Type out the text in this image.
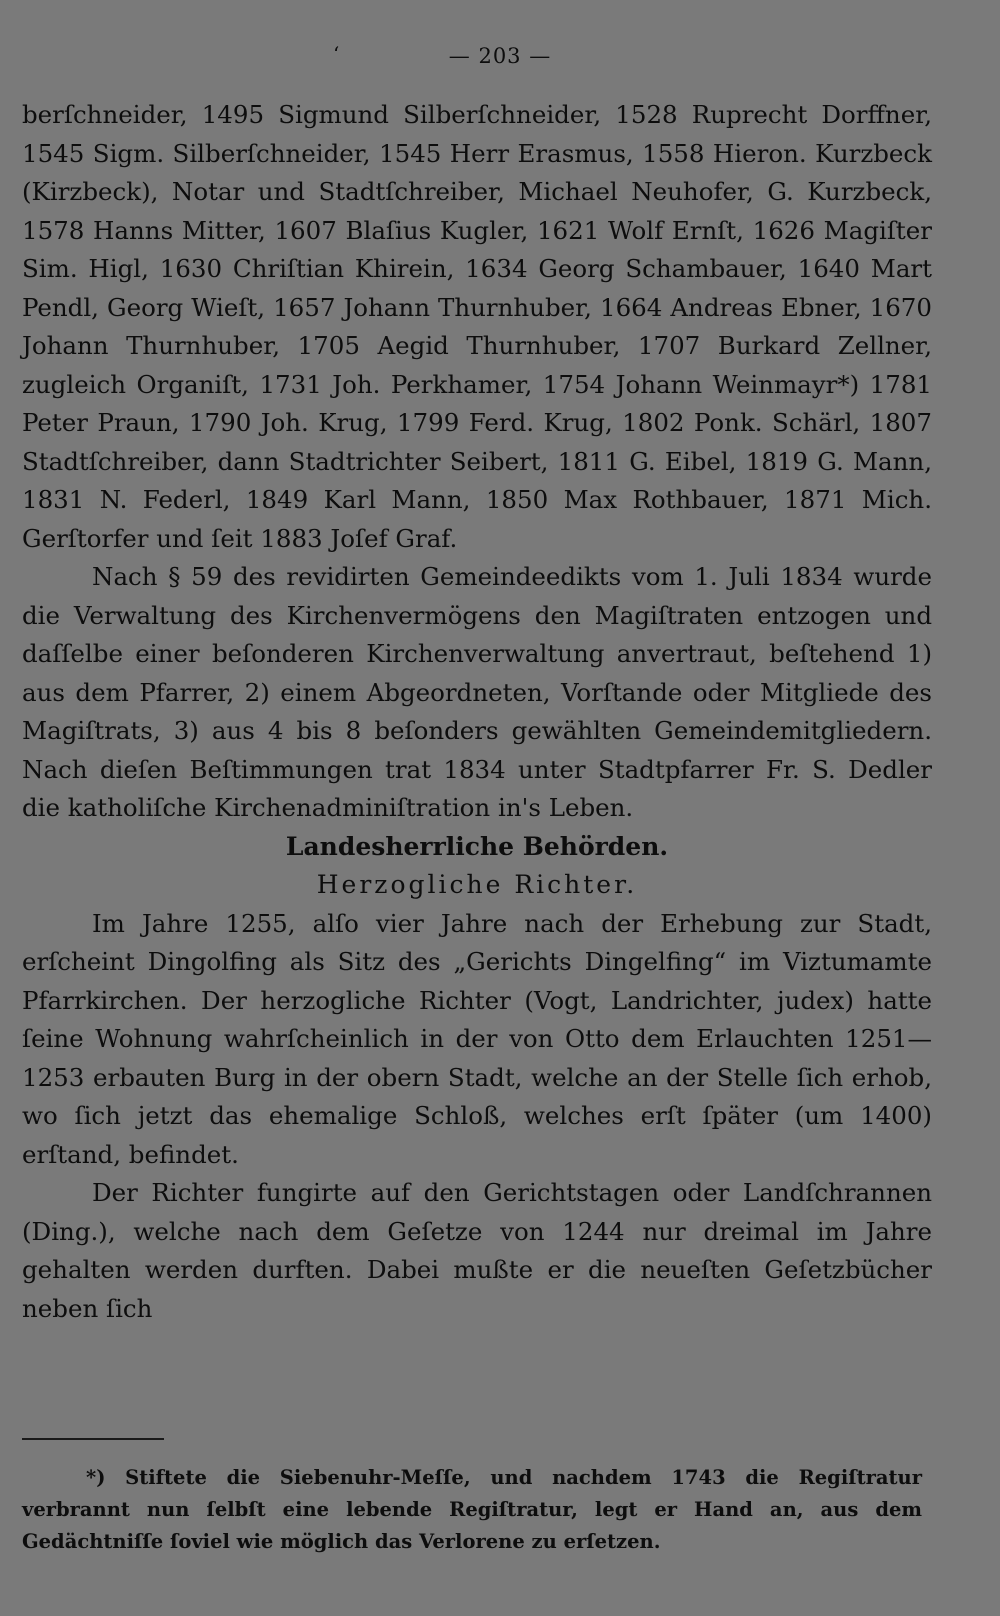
‘	— 203 —

berſchneider, 1495 Sigmund Silberſchneider, 1528 Ruprecht Dorffner, 1545 Sigm. Silberſchneider, 1545 Herr Erasmus, 1558 Hieron. Kurzbeck (Kirzbeck), Notar und Stadtſchreiber, Michael Neuhofer, G. Kurzbeck, 1578 Hanns Mitter, 1607 Blaſius Kugler, 1621 Wolf Ernſt, 1626 Magiſter Sim. Higl, 1630 Chriſtian Khirein, 1634 Georg Schambauer, 1640 Mart Pendl, Georg Wieſt, 1657 Johann Thurnhuber, 1664 Andreas Ebner, 1670 Johann Thurnhuber, 1705 Aegid Thurnhuber, 1707 Burkard Zellner, zugleich Organiſt, 1731 Joh. Perkhamer, 1754 Johann Weinmayr*) 1781 Peter Praun, 1790 Joh. Krug, 1799 Ferd. Krug, 1802 Ponk. Schärl, 1807 Stadtſchreiber, dann Stadtrichter Seibert, 1811 G. Eibel, 1819 G. Mann, 1831 N. Federl, 1849 Karl Mann, 1850 Max Rothbauer, 1871 Mich. Gerſtorfer und ſeit 1883 Joſef Graf.

Nach § 59 des revidirten Gemeindeedikts vom 1. Juli 1834 wurde die Verwaltung des Kirchenvermögens den Magiſtraten entzogen und daſſelbe einer beſonderen Kirchenverwaltung anvertraut, beſtehend 1) aus dem Pfarrer, 2) einem Abgeordneten, Vorſtande oder Mitgliede des Magiſtrats, 3) aus 4 bis 8 beſonders gewählten Gemeindemitgliedern. Nach dieſen Beſtimmungen trat 1834 unter Stadtpfarrer Fr. S. Dedler die katholiſche Kirchenadminiſtration in's Leben.

Landesherrliche Behörden.

Herzogliche Richter.

Im Jahre 1255, alſo vier Jahre nach der Erhebung zur Stadt, erſcheint Dingolfing als Sitz des „Gerichts Dingelfing“ im Viztumamte Pfarrkirchen. Der herzogliche Richter (Vogt, Landrichter, judex) hatte ſeine Wohnung wahrſcheinlich in der von Otto dem Erlauchten 1251—1253 erbauten Burg in der obern Stadt, welche an der Stelle ſich erhob, wo ſich jetzt das ehemalige Schloß, welches erſt ſpäter (um 1400) erſtand, befindet.

Der Richter fungirte auf den Gerichtstagen oder Landſchrannen (Ding.), welche nach dem Geſetze von 1244 nur dreimal im Jahre gehalten werden durften. Dabei mußte er die neueſten Geſetzbücher neben ſich

*) Stiftete die Siebenuhr-Meſſe, und nachdem 1743 die Regiſtratur verbrannt nun ſelbſt eine lebende Regiſtratur, legt er Hand an, aus dem Gedächtniſſe ſoviel wie möglich das Verlorene zu erſetzen.
